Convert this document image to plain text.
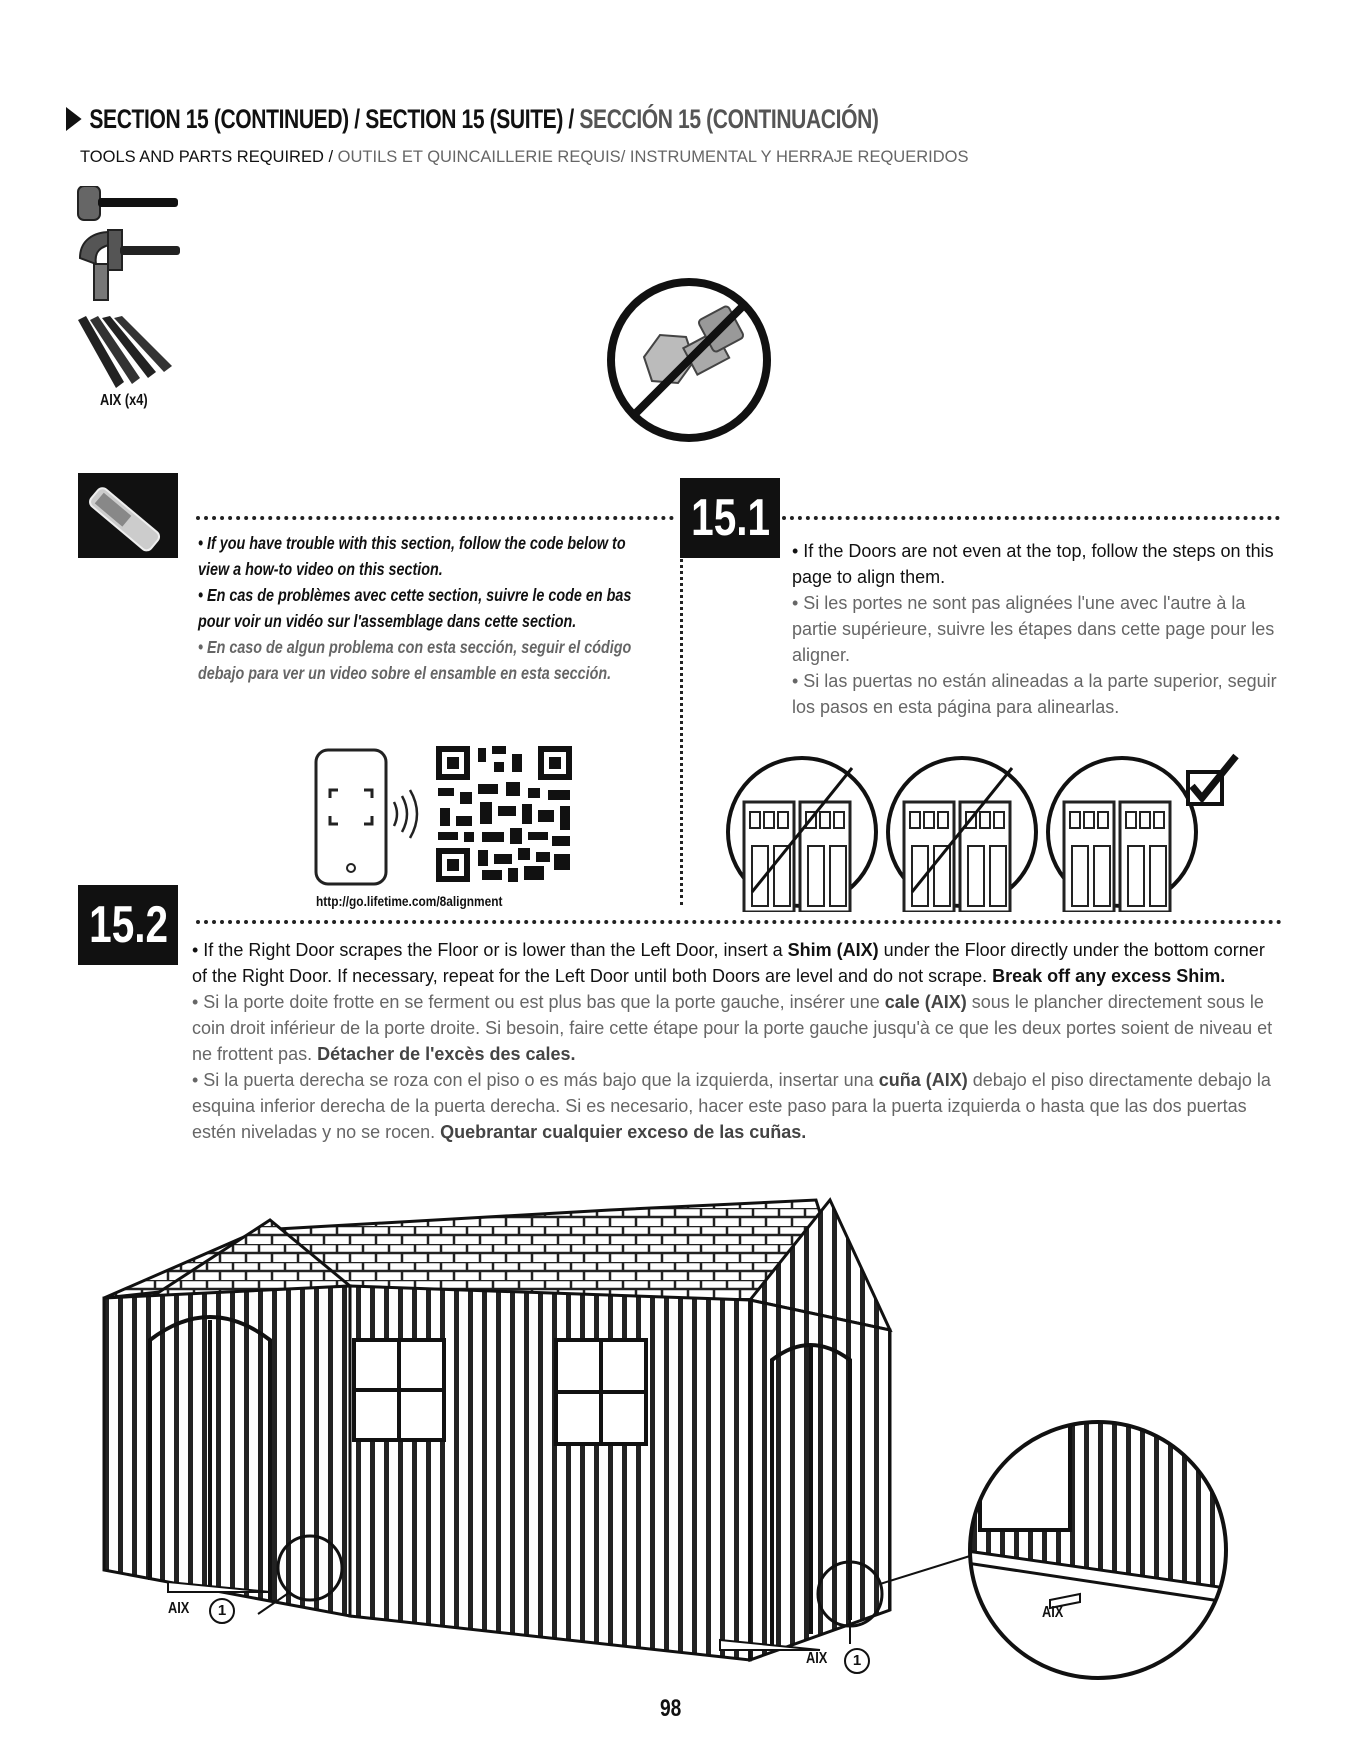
SECTION 15 (CONTINUED) / SECTION 15 (SUITE) / SECCIÓN 15 (CONTINUACIÓN)
TOOLS AND PARTS REQUIRED / OUTILS ET QUINCAILLERIE REQUIS/ INSTRUMENTAL Y HERRAJE REQUERIDOS
AIX (x4)
• If you have trouble with this section, follow the code below to view a how-to video on this section.
• En cas de problèmes avec cette section, suivre le code en bas pour voir un vidéo sur l'assemblage dans cette section.
• En caso de algun problema con esta sección, seguir el código debajo para ver un video sobre el ensamble en esta sección.
http://go.lifetime.com/8alignment
15.1
• If the Doors are not even at the top, follow the steps on this page to align them.
• Si les portes ne sont pas alignées l'une avec l'autre à la partie supérieure, suivre les étapes dans cette page pour les aligner.
• Si las puertas no están alineadas a la parte superior, seguir los pasos en esta página para alinearlas.
15.2	• If the Right Door scrapes the Floor or is lower than the Left Door, insert a Shim (AIX) under the Floor directly under the bottom corner of the Right Door. If necessary, repeat for the Left Door until both Doors are level and do not scrape. Break off any excess Shim.
• Si la porte doite frotte en se ferment ou est plus bas que la porte gauche, insérer une cale (AIX) sous le plancher directement sous le coin droit inférieur de la porte droite. Si besoin, faire cette étape pour la porte gauche jusqu'à ce que les deux portes soient de niveau et ne frottent pas. Détacher de l'excès des cales.
• Si la puerta derecha se roza con el piso o es más bajo que la izquierda, insertar una cuña (AIX) debajo el piso directamente debajo la esquina inferior derecha de la puerta derecha. Si es necesario, hacer este paso para la puerta izquierda o hasta que las dos puertas estén niveladas y no se rocen. Quebrantar cualquier exceso de las cuñas.
AIX	1
AIX	1
AIX
98
